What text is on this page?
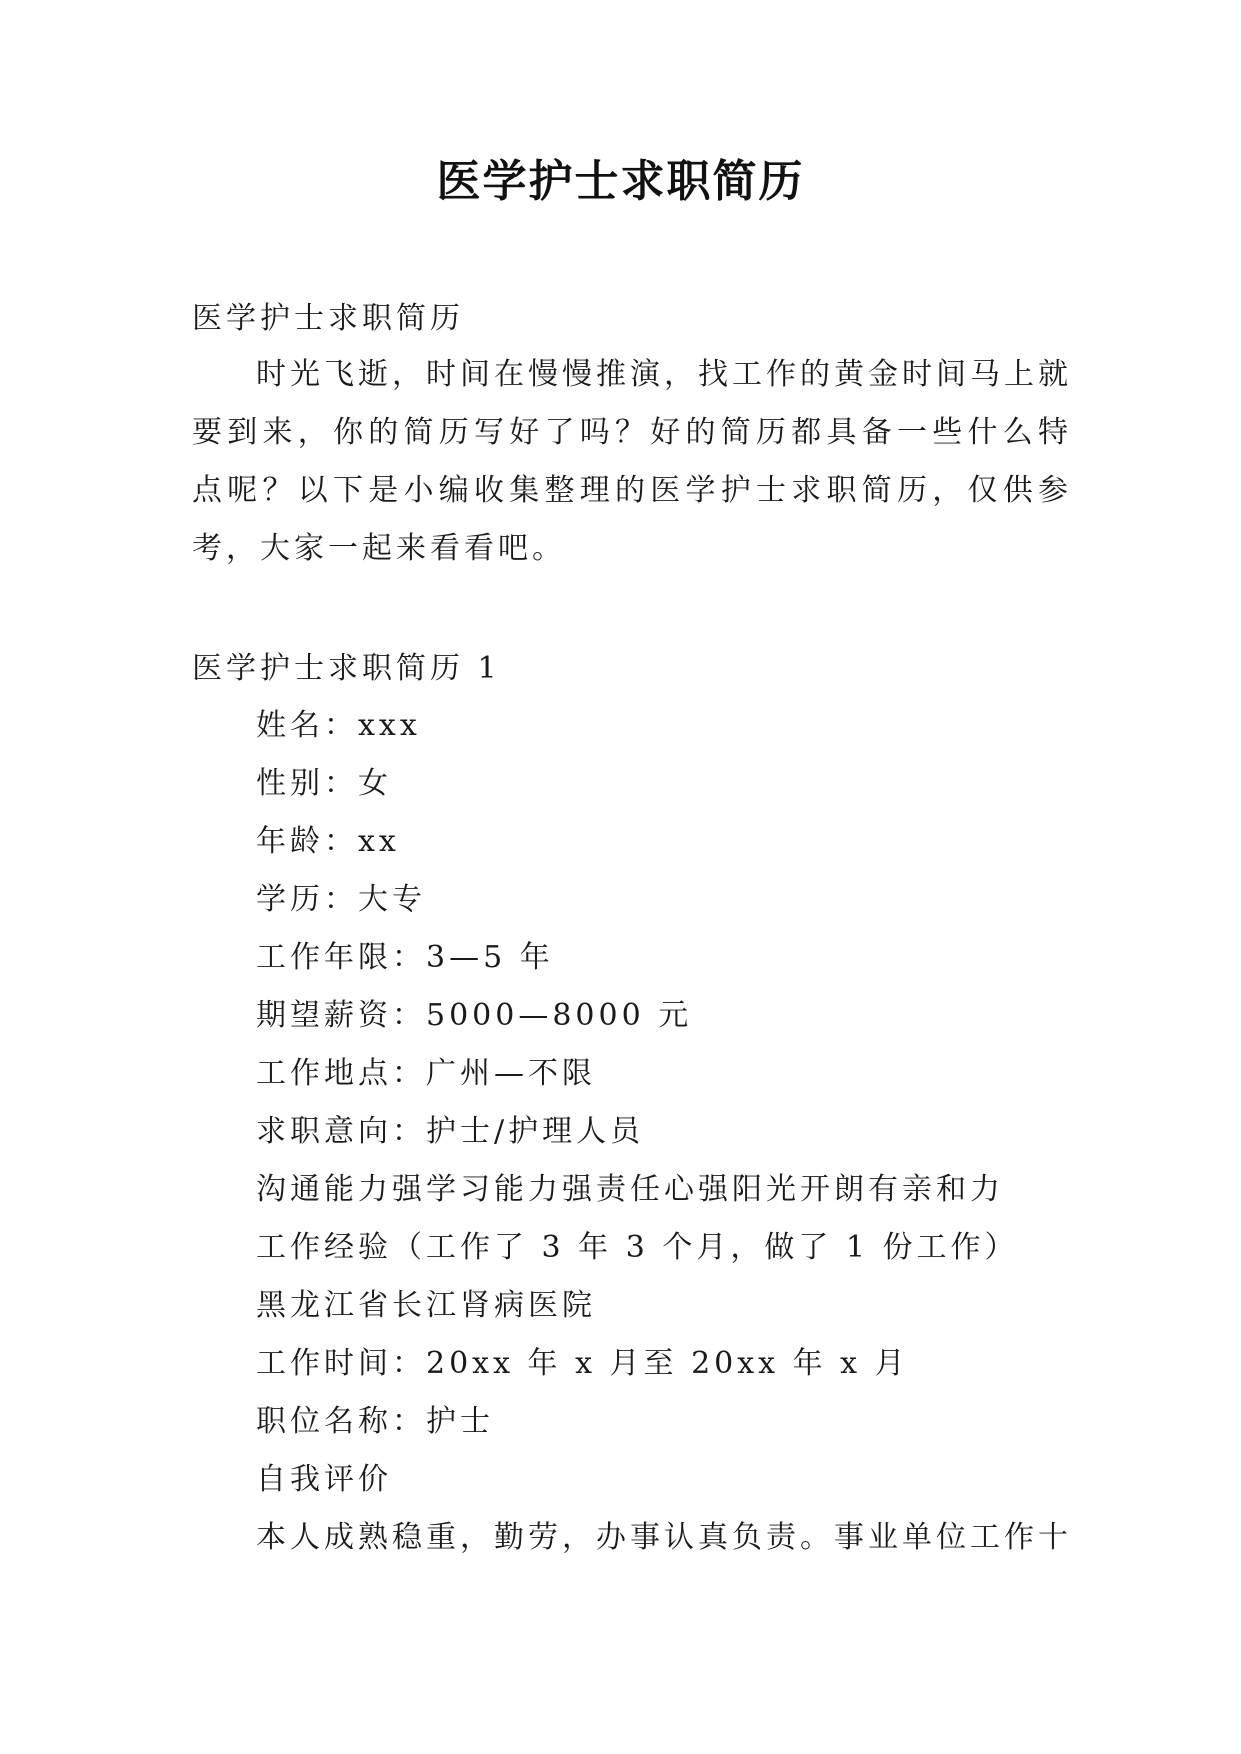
医学护士求职简历
医学护士求职简历
时光飞逝，时间在慢慢推演，找工作的黄金时间马上就要到来，你的简历写好了吗？好的简历都具备一些什么特点呢？以下是小编收集整理的医学护士求职简历，仅供参考，大家一起来看看吧。
医学护士求职简历 1
姓名：xxx
性别：女
年龄：xx
学历：大专
工作年限：3—5 年
期望薪资：5000—8000 元
工作地点：广州—不限
求职意向：护士/护理人员
沟通能力强学习能力强责任心强阳光开朗有亲和力
工作经验（工作了 3 年 3 个月，做了 1 份工作）
黑龙江省长江肾病医院
工作时间：20xx 年 x 月至 20xx 年 x 月
职位名称：护士
自我评价
本人成熟稳重，勤劳，办事认真负责。事业单位工作十
